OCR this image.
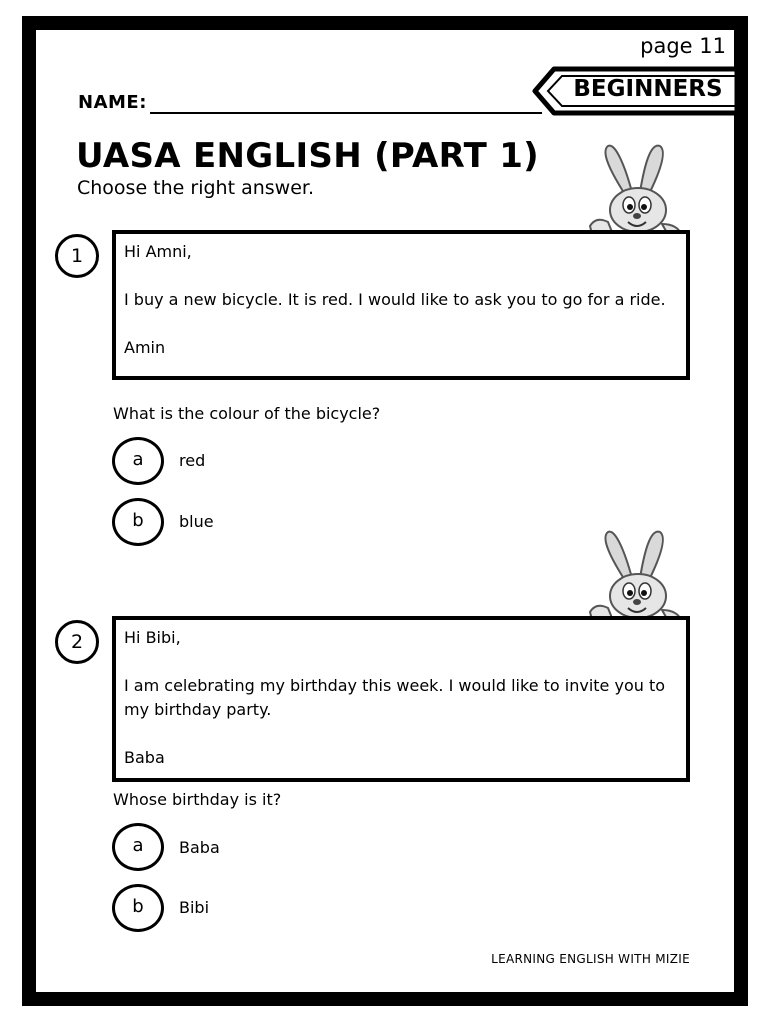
page 11
NAME:
BEGINNERS
UASA ENGLISH (PART 1)
Choose the right answer.
1	Hi Amni,

I buy a new bicycle. It is red. I would like to ask you to go for a ride.

Amin

What is the colour of the bicycle?
a	red
b	blue
2	Hi Bibi,

I am celebrating my birthday this week. I would like to invite you to my birthday party.

Baba

Whose birthday is it?
a	Baba
b	Bibi
LEARNING ENGLISH WITH MIZIE
